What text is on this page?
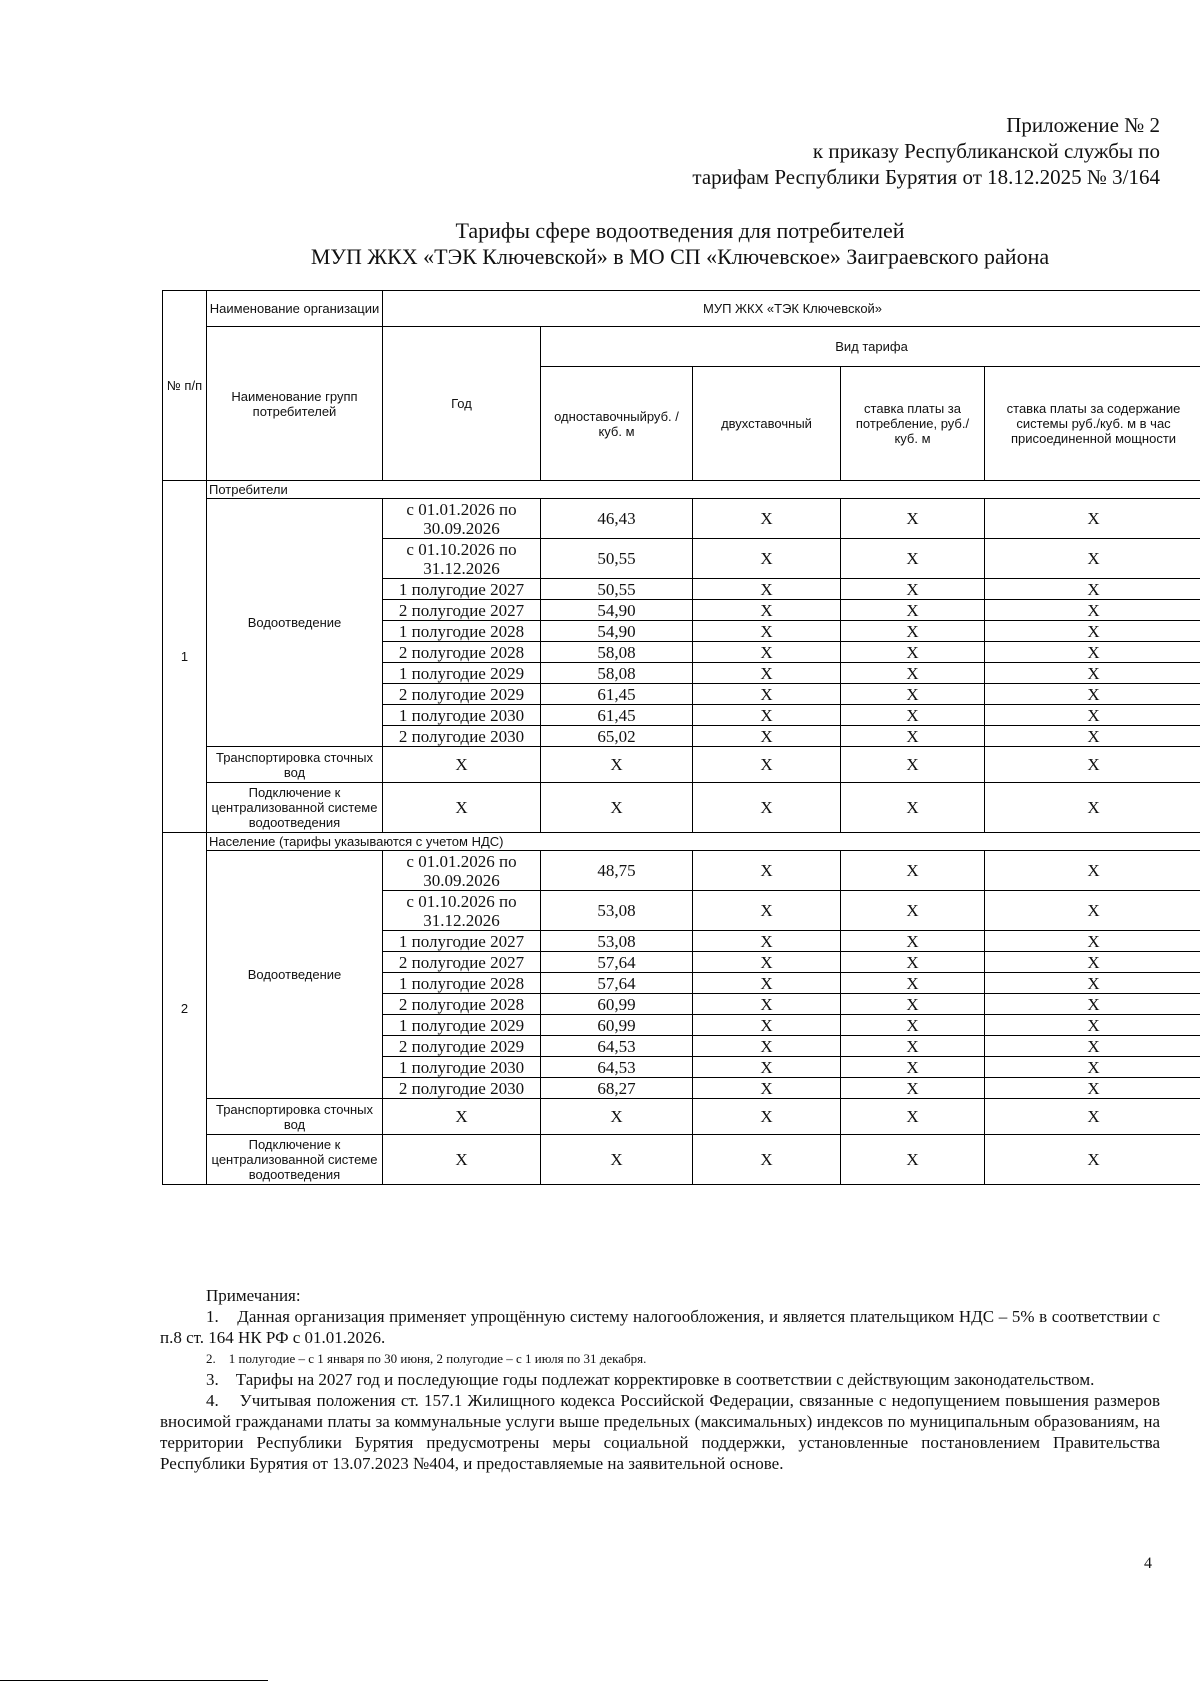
Приложение № 2
к приказу Республиканской службы по
тарифам Республики Бурятия от 18.12.2025 № 3/164
Тарифы сфере водоотведения для потребителей
МУП ЖКХ «ТЭК Ключевской» в МО СП «Ключевское» Заиграевского района
№ п/п	Наименование организации	МУП ЖКХ «ТЭК Ключевской»				
	Наименование групп потребителей	Год	Вид тарифа			
			одноставочныйруб. / куб. м	двухставочный	ставка платы за потребление, руб./ куб. м	ставка платы за содержание системы руб./куб. м в час присоединенной мощности
1	Потребители					
	Водоотведение	с 01.01.2026 по 30.09.2026	46,43	X	X	X
		с 01.10.2026 по 31.12.2026	50,55	X	X	X
		1 полугодие 2027	50,55	X	X	X
		2 полугодие 2027	54,90	X	X	X
		1 полугодие 2028	54,90	X	X	X
		2 полугодие 2028	58,08	X	X	X
		1 полугодие 2029	58,08	X	X	X
		2 полугодие 2029	61,45	X	X	X
		1 полугодие 2030	61,45	X	X	X
		2 полугодие 2030	65,02	X	X	X
	Транспортировка сточных вод	X	X	X	X	X
	Подключение к централизованной системе водоотведения	X	X	X	X	X
2	Население (тарифы указываются с учетом НДС)					
	Водоотведение	с 01.01.2026 по 30.09.2026	48,75	X	X	X
		с 01.10.2026 по 31.12.2026	53,08	X	X	X
		1 полугодие 2027	53,08	X	X	X
		2 полугодие 2027	57,64	X	X	X
		1 полугодие 2028	57,64	X	X	X
		2 полугодие 2028	60,99	X	X	X
		1 полугодие 2029	60,99	X	X	X
		2 полугодие 2029	64,53	X	X	X
		1 полугодие 2030	64,53	X	X	X
		2 полугодие 2030	68,27	X	X	X
	Транспортировка сточных вод	X	X	X	X	X
	Подключение к централизованной системе водоотведения	X	X	X	X	X

Примечания:

1.    Данная организация применяет упрощённую систему налогообложения, и является плательщиком НДС – 5% в соответствии с п.8 ст. 164 НК РФ с 01.01.2026.

2.    1 полугодие – с 1 января по 30 июня, 2 полугодие – с 1 июля по 31 декабря.

3.    Тарифы на 2027 год и последующие годы подлежат корректировке в соответствии с действующим законодательством.

4.    Учитывая положения ст. 157.1 Жилищного кодекса Российской Федерации, связанные с недопущением повышения размеров вносимой гражданами платы за коммунальные услуги выше предельных (максимальных) индексов по муниципальным образованиям, на территории Республики Бурятия предусмотрены меры социальной поддержки, установленные постановлением Правительства Республики Бурятия от 13.07.2023 №404, и предоставляемые на заявительной основе.

4
